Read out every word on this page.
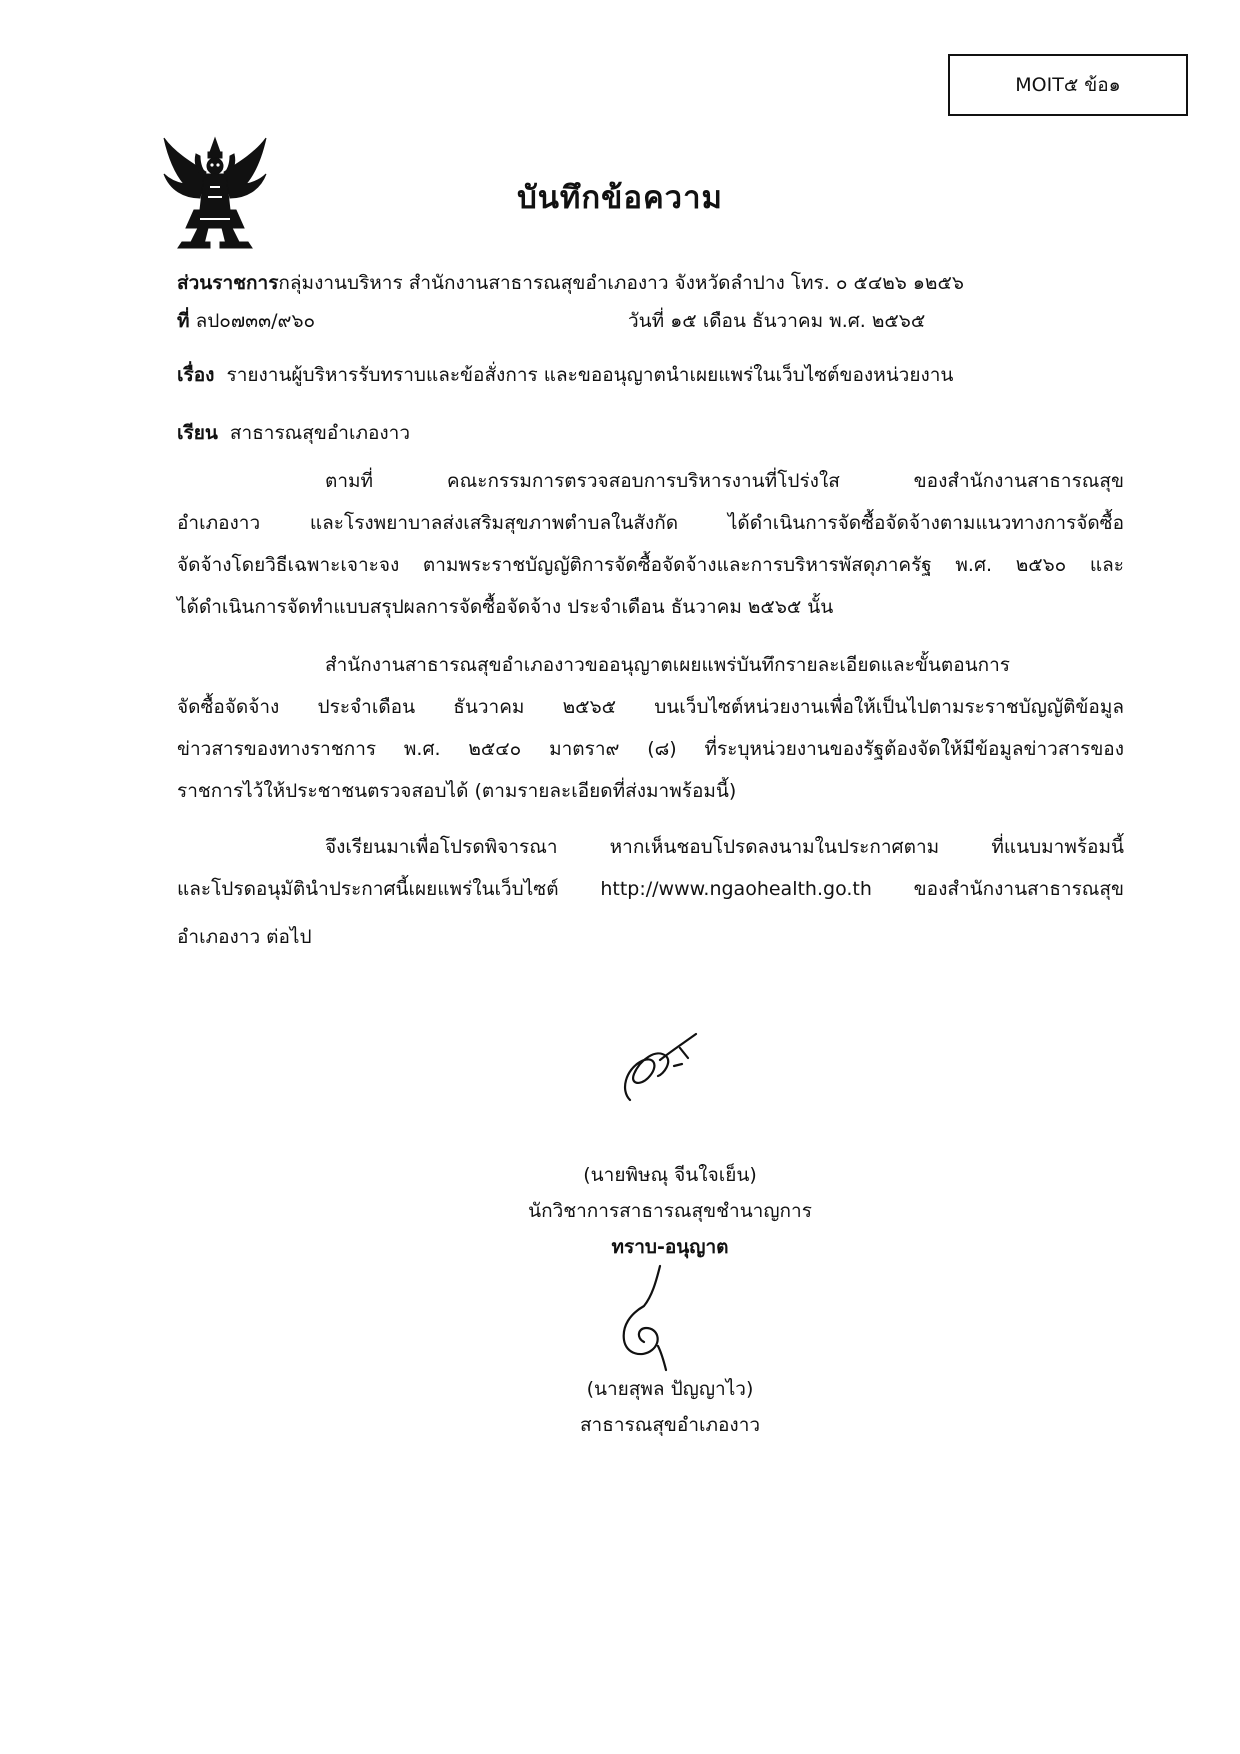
MOIT๕ ข้อ๑
บันทึกข้อความ
ส่วนราชการกลุ่มงานบริหาร สำนักงานสาธารณสุขอำเภองาว จังหวัดลำปาง โทร. ๐ ๕๔๒๖ ๑๒๕๖
ที่ ลป๐๗๓๓/๙๖๐	วันที่ ๑๕ เดือน ธันวาคม พ.ศ. ๒๕๖๕
เรื่อง รายงานผู้บริหารรับทราบและข้อสั่งการ และขออนุญาตนำเผยแพร่ในเว็บไซต์ของหน่วยงาน
เรียน สาธารณสุขอำเภองาว
ตามที่ คณะกรรมการตรวจสอบการบริหารงานที่โปร่งใส ของสำนักงานสาธารณสุข
อำเภองาว และโรงพยาบาลส่งเสริมสุขภาพตำบลในสังกัด ได้ดำเนินการจัดซื้อจัดจ้างตามแนวทางการจัดซื้อ
จัดจ้างโดยวิธีเฉพาะเจาะจง ตามพระราชบัญญัติการจัดซื้อจัดจ้างและการบริหารพัสดุภาครัฐ พ.ศ. ๒๕๖๐ และ
ได้ดำเนินการจัดทำแบบสรุปผลการจัดซื้อจัดจ้าง ประจำเดือน ธันวาคม ๒๕๖๕ นั้น
สำนักงานสาธารณสุขอำเภองาวขออนุญาตเผยแพร่บันทึกรายละเอียดและขั้นตอนการ
จัดซื้อจัดจ้าง ประจำเดือน ธันวาคม ๒๕๖๕ บนเว็บไซต์หน่วยงานเพื่อให้เป็นไปตามระราชบัญญัติข้อมูล
ข่าวสารของทางราชการ พ.ศ. ๒๕๔๐ มาตรา๙ (๘) ที่ระบุหน่วยงานของรัฐต้องจัดให้มีข้อมูลข่าวสารของ
ราชการไว้ให้ประชาชนตรวจสอบได้ (ตามรายละเอียดที่ส่งมาพร้อมนี้)
จึงเรียนมาเพื่อโปรดพิจารณา หากเห็นชอบโปรดลงนามในประกาศตาม ที่แนบมาพร้อมนี้
และโปรดอนุมัตินำประกาศนี้เผยแพร่ในเว็บไซต์ http://www.ngaohealth.go.th ของสำนักงานสาธารณสุข
อำเภองาว ต่อไป
(นายพิษณุ จีนใจเย็น)
นักวิชาการสาธารณสุขชำนาญการ
ทราบ-อนุญาต
(นายสุพล ปัญญาไว)
สาธารณสุขอำเภองาว
